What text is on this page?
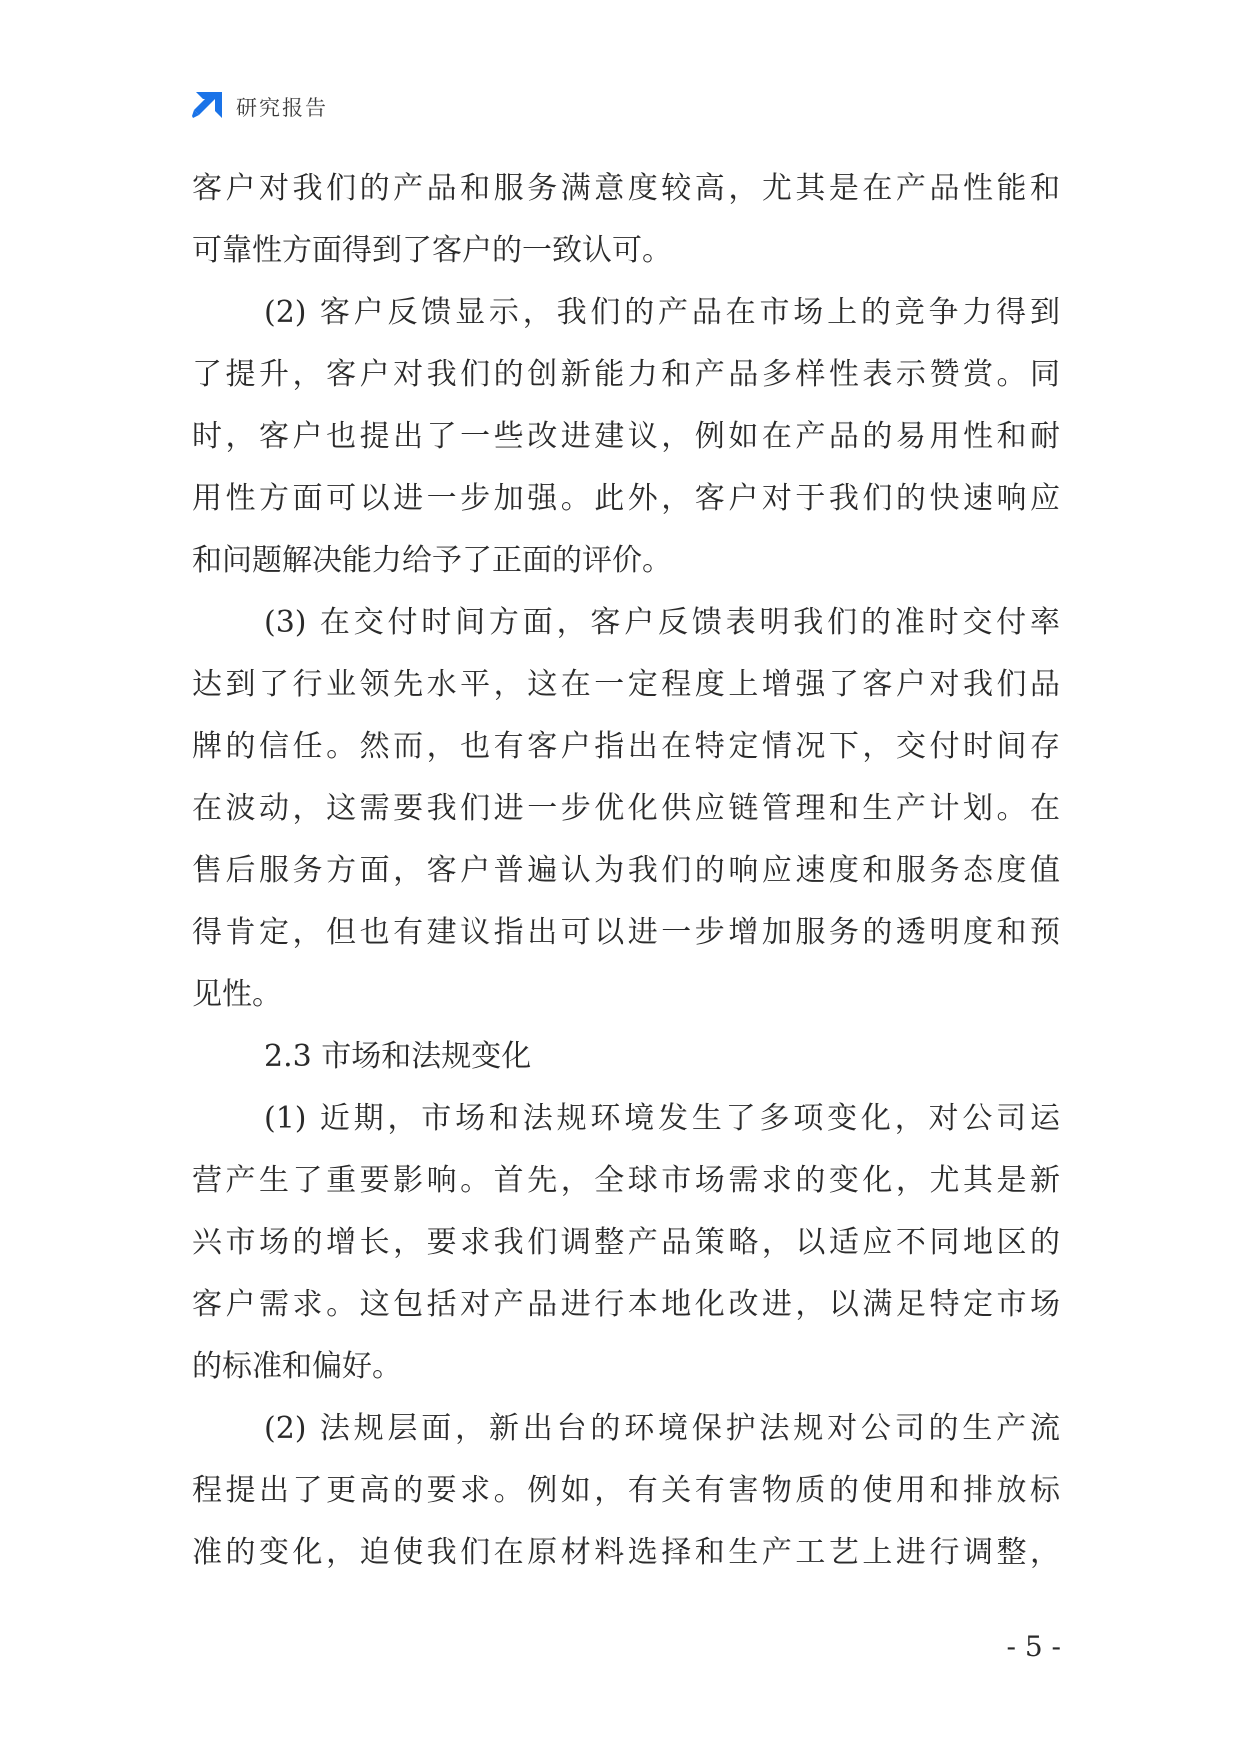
研究报告
客户对我们的产品和服务满意度较高，尤其是在产品性能和
可靠性方面得到了客户的一致认可。
(2) 客户反馈显示，我们的产品在市场上的竞争力得到
了提升，客户对我们的创新能力和产品多样性表示赞赏。同
时，客户也提出了一些改进建议，例如在产品的易用性和耐
用性方面可以进一步加强。此外，客户对于我们的快速响应
和问题解决能力给予了正面的评价。
(3) 在交付时间方面，客户反馈表明我们的准时交付率
达到了行业领先水平，这在一定程度上增强了客户对我们品
牌的信任。然而，也有客户指出在特定情况下，交付时间存
在波动，这需要我们进一步优化供应链管理和生产计划。在
售后服务方面，客户普遍认为我们的响应速度和服务态度值
得肯定，但也有建议指出可以进一步增加服务的透明度和预
见性。
2.3 市场和法规变化
(1) 近期，市场和法规环境发生了多项变化，对公司运
营产生了重要影响。首先，全球市场需求的变化，尤其是新
兴市场的增长，要求我们调整产品策略，以适应不同地区的
客户需求。这包括对产品进行本地化改进，以满足特定市场
的标准和偏好。
(2) 法规层面，新出台的环境保护法规对公司的生产流
程提出了更高的要求。例如，有关有害物质的使用和排放标
准的变化，迫使我们在原材料选择和生产工艺上进行调整，
- 5 -
